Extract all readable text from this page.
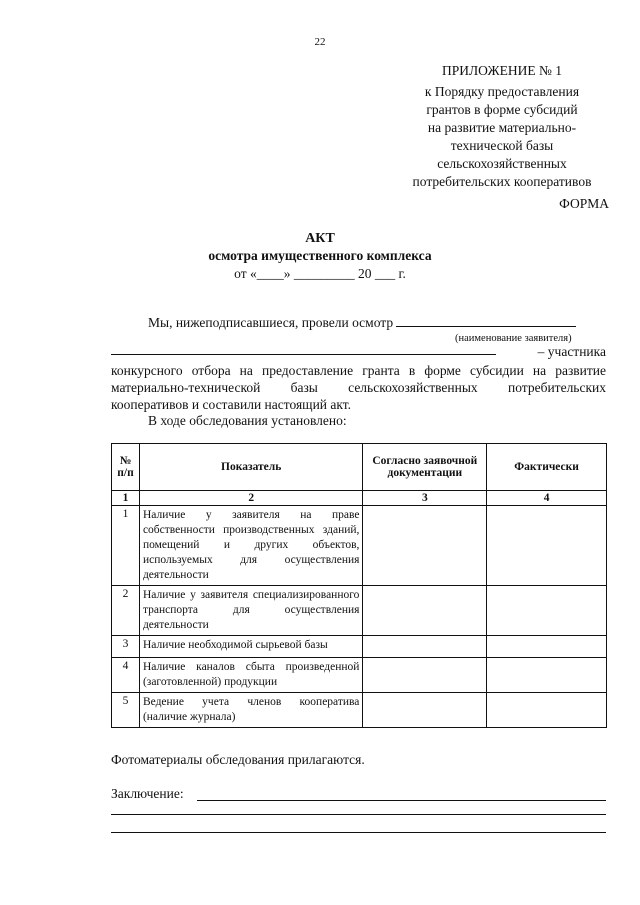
22
ПРИЛОЖЕНИЕ № 1
к Порядку предоставления
грантов в форме субсидий
на развитие материально-
технической базы
сельскохозяйственных
потребительских кооперативов
ФОРМА
АКТ
осмотра имущественного комплекса
от «____» _________ 20 ___ г.
Мы, нижеподписавшиеся, провели осмотр
(наименование заявителя)
– участника
конкурсного отбора на предоставление гранта в форме субсидии на развитие
материально-технической базы сельскохозяйственных потребительских
кооперативов и составили настоящий акт.
В ходе обследования установлено:
№ п/п	Показатель	Согласно заявочной документации	Фактически
1	2	3	4
1	Наличие у заявителя на праве собственности производственных зданий, помещений и других объектов, используемых для осуществления деятельности		
2	Наличие у заявителя специализированного транспорта для осуществления деятельности		
3	Наличие необходимой сырьевой базы		
4	Наличие каналов сбыта произведенной (заготовленной) продукции		
5	Ведение учета членов кооператива (наличие журнала)		
Фотоматериалы обследования прилагаются.
Заключение:
